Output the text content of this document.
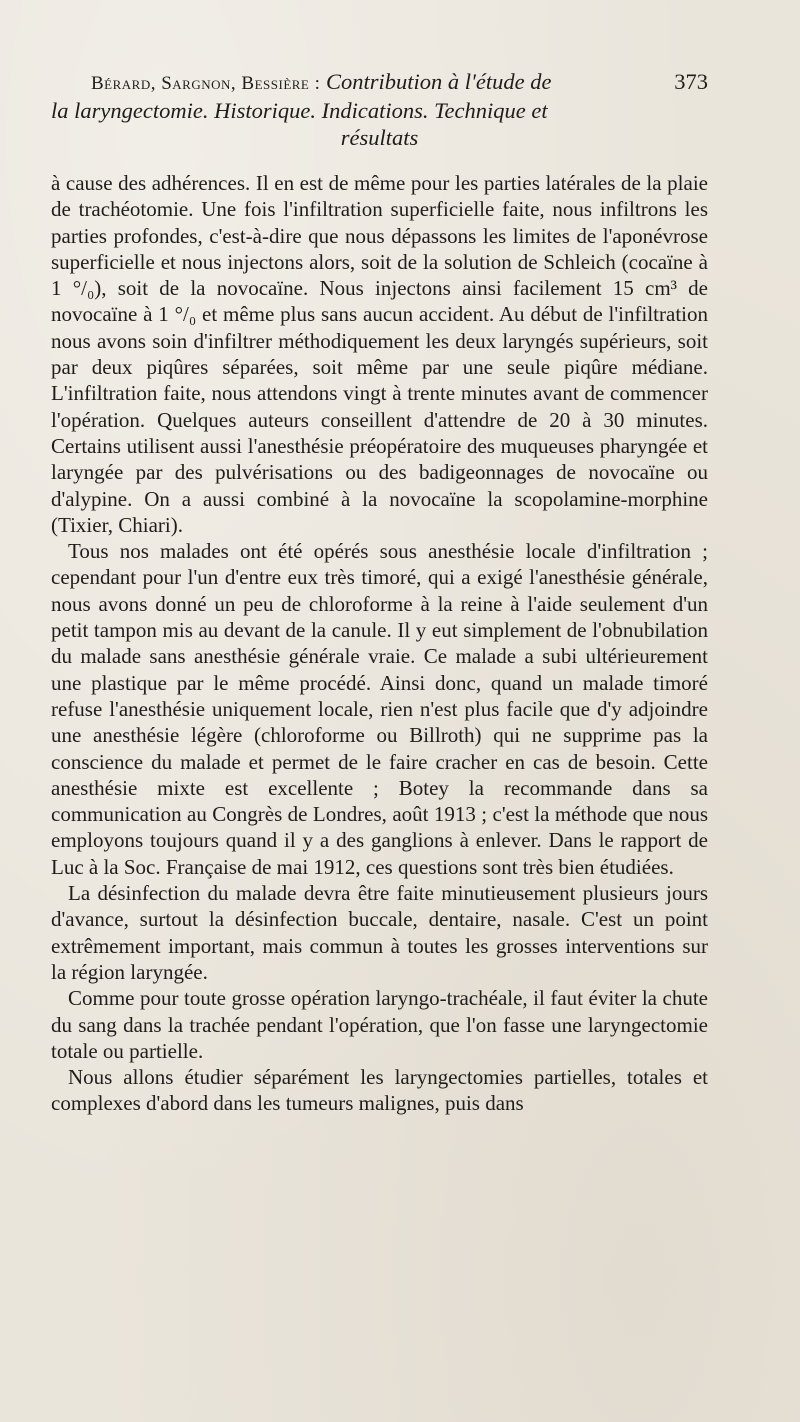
Bérard, Sargnon, Bessière : Contribution à l'étude de	373
la laryngectomie. Historique. Indications. Technique et
résultats

à cause des adhérences. Il en est de même pour les parties latérales de la plaie de trachéotomie. Une fois l'infiltration superficielle faite, nous infiltrons les parties profondes, c'est-à-dire que nous dépassons les limites de l'aponévrose superficielle et nous injectons alors, soit de la solution de Schleich (cocaïne à 1 °/₀), soit de la novocaïne. Nous injectons ainsi facilement 15 cm³ de novocaïne à 1 °/₀ et même plus sans aucun accident. Au début de l'infiltration nous avons soin d'infiltrer méthodiquement les deux laryngés supérieurs, soit par deux piqûres séparées, soit même par une seule piqûre médiane. L'infiltration faite, nous attendons vingt à trente minutes avant de commencer l'opération. Quelques auteurs conseillent d'attendre de 20 à 30 minutes. Certains utilisent aussi l'anesthésie préopératoire des muqueuses pharyngée et laryngée par des pulvérisations ou des badigeonnages de novocaïne ou d'alypine. On a aussi combiné à la novocaïne la scopolamine-morphine (Tixier, Chiari).

Tous nos malades ont été opérés sous anesthésie locale d'infiltration ; cependant pour l'un d'entre eux très timoré, qui a exigé l'anesthésie générale, nous avons donné un peu de chloroforme à la reine à l'aide seulement d'un petit tampon mis au devant de la canule. Il y eut simplement de l'obnubilation du malade sans anesthésie générale vraie. Ce malade a subi ultérieurement une plastique par le même procédé. Ainsi donc, quand un malade timoré refuse l'anesthésie uniquement locale, rien n'est plus facile que d'y adjoindre une anesthésie légère (chloroforme ou Billroth) qui ne supprime pas la conscience du malade et permet de le faire cracher en cas de besoin. Cette anesthésie mixte est excellente ; Botey la recommande dans sa communication au Congrès de Londres, août 1913 ; c'est la méthode que nous employons toujours quand il y a des ganglions à enlever. Dans le rapport de Luc à la Soc. Française de mai 1912, ces questions sont très bien étudiées.

La désinfection du malade devra être faite minutieusement plusieurs jours d'avance, surtout la désinfection buccale, dentaire, nasale. C'est un point extrêmement important, mais commun à toutes les grosses interventions sur la région laryngée.

Comme pour toute grosse opération laryngo-trachéale, il faut éviter la chute du sang dans la trachée pendant l'opération, que l'on fasse une laryngectomie totale ou partielle.

Nous allons étudier séparément les laryngectomies partielles, totales et complexes d'abord dans les tumeurs malignes, puis dans
